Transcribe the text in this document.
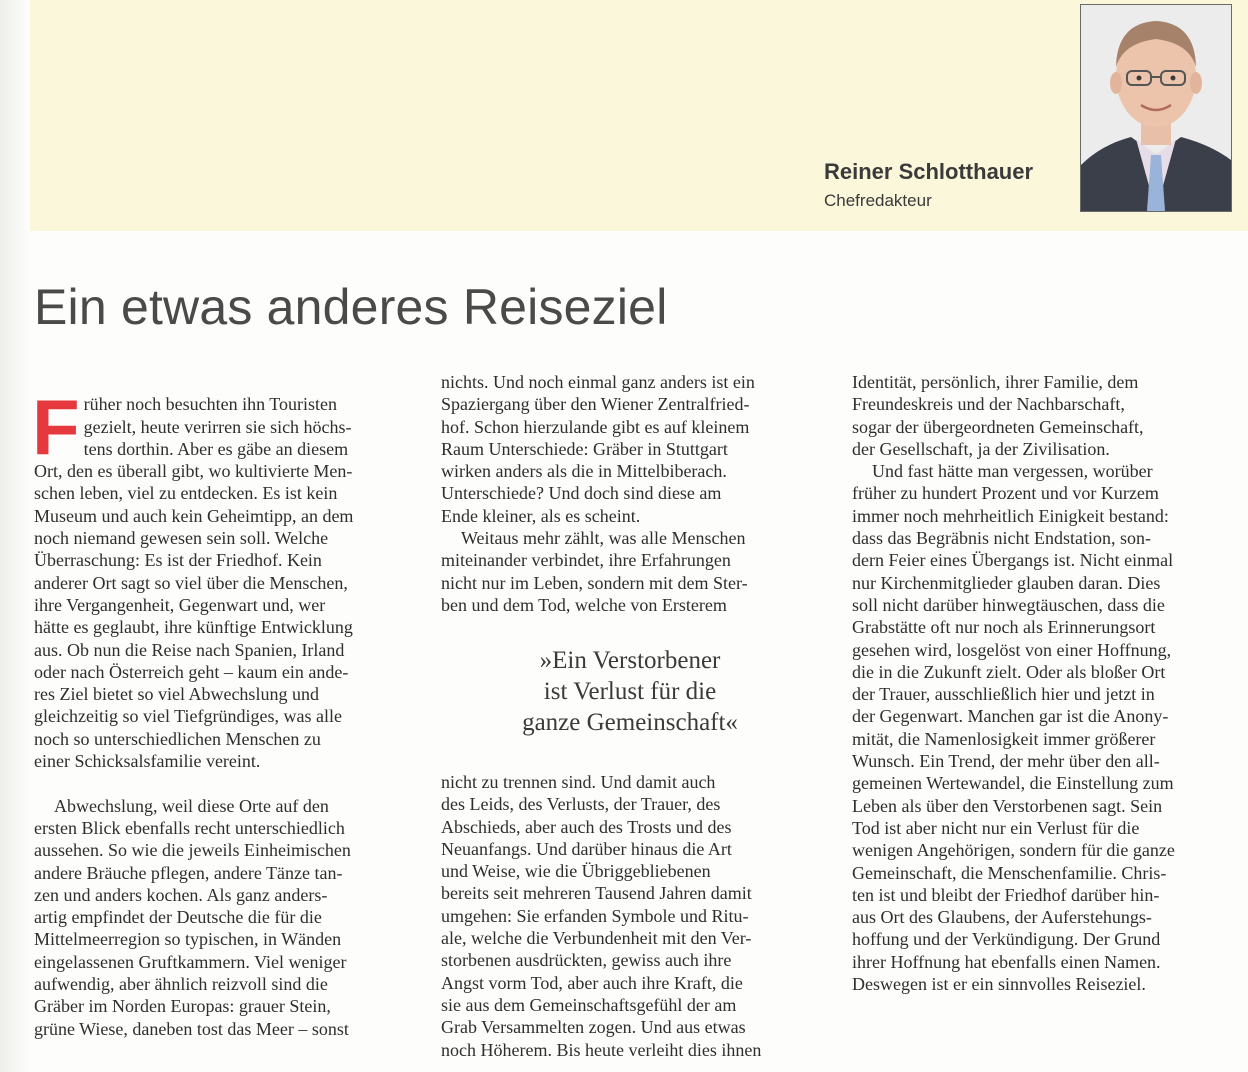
Reiner Schlotthauer
Chefredakteur
Ein etwas anderes Reiseziel

F rüher noch besuchten ihn Touristen
gezielt, heute verirren sie sich höchs-
tens dorthin. Aber es gäbe an diesem
Ort, den es überall gibt, wo kultivierte Men-
schen leben, viel zu entdecken. Es ist kein
Museum und auch kein Geheimtipp, an dem
noch niemand gewesen sein soll. Welche
Überraschung: Es ist der Friedhof. Kein
anderer Ort sagt so viel über die Menschen,
ihre Vergangenheit, Gegenwart und, wer
hätte es geglaubt, ihre künftige Entwicklung
aus. Ob nun die Reise nach Spanien, Irland
oder nach Österreich geht – kaum ein ande-
res Ziel bietet so viel Abwechslung und
gleichzeitig so viel Tiefgründiges, was alle
noch so unterschiedlichen Menschen zu
einer Schicksalsfamilie vereint.

Abwechslung, weil diese Orte auf den
ersten Blick ebenfalls recht unterschiedlich
aussehen. So wie die jeweils Einheimischen
andere Bräuche pflegen, andere Tänze tan-
zen und anders kochen. Als ganz anders-
artig empfindet der Deutsche die für die
Mittelmeerregion so typischen, in Wänden
eingelassenen Gruftkammern. Viel weniger
aufwendig, aber ähnlich reizvoll sind die
Gräber im Norden Europas: grauer Stein,
grüne Wiese, daneben tost das Meer – sonst

nichts. Und noch einmal ganz anders ist ein
Spaziergang über den Wiener Zentralfried-
hof. Schon hierzulande gibt es auf kleinem
Raum Unterschiede: Gräber in Stuttgart
wirken anders als die in Mittelbiberach.
Unterschiede? Und doch sind diese am
Ende kleiner, als es scheint.

Weitaus mehr zählt, was alle Menschen
miteinander verbindet, ihre Erfahrungen
nicht nur im Leben, sondern mit dem Ster-
ben und dem Tod, welche von Ersterem

»Ein Verstorbener
ist Verlust für die
ganze Gemeinschaft«

nicht zu trennen sind. Und damit auch
des Leids, des Verlusts, der Trauer, des
Abschieds, aber auch des Trosts und des
Neuanfangs. Und darüber hinaus die Art
und Weise, wie die Übriggebliebenen
bereits seit mehreren Tausend Jahren damit
umgehen: Sie erfanden Symbole und Ritu-
ale, welche die Verbundenheit mit den Ver-
storbenen ausdrückten, gewiss auch ihre
Angst vorm Tod, aber auch ihre Kraft, die
sie aus dem Gemeinschaftsgefühl der am
Grab Versammelten zogen. Und aus etwas
noch Höherem. Bis heute verleiht dies ihnen

Identität, persönlich, ihrer Familie, dem
Freundeskreis und der Nachbarschaft,
sogar der übergeordneten Gemeinschaft,
der Gesellschaft, ja der Zivilisation.

Und fast hätte man vergessen, worüber
früher zu hundert Prozent und vor Kurzem
immer noch mehrheitlich Einigkeit bestand:
dass das Begräbnis nicht Endstation, son-
dern Feier eines Übergangs ist. Nicht einmal
nur Kirchenmitglieder glauben daran. Dies
soll nicht darüber hinwegtäuschen, dass die
Grabstätte oft nur noch als Erinnerungsort
gesehen wird, losgelöst von einer Hoffnung,
die in die Zukunft zielt. Oder als bloßer Ort
der Trauer, ausschließlich hier und jetzt in
der Gegenwart. Manchen gar ist die Anony-
mität, die Namenlosigkeit immer größerer
Wunsch. Ein Trend, der mehr über den all-
gemeinen Wertewandel, die Einstellung zum
Leben als über den Verstorbenen sagt. Sein
Tod ist aber nicht nur ein Verlust für die
wenigen Angehörigen, sondern für die ganze
Gemeinschaft, die Menschenfamilie. Chris-
ten ist und bleibt der Friedhof darüber hin-
aus Ort des Glaubens, der Auferstehungs-
hoffung und der Verkündigung. Der Grund
ihrer Hoffnung hat ebenfalls einen Namen.
Deswegen ist er ein sinnvolles Reiseziel.
